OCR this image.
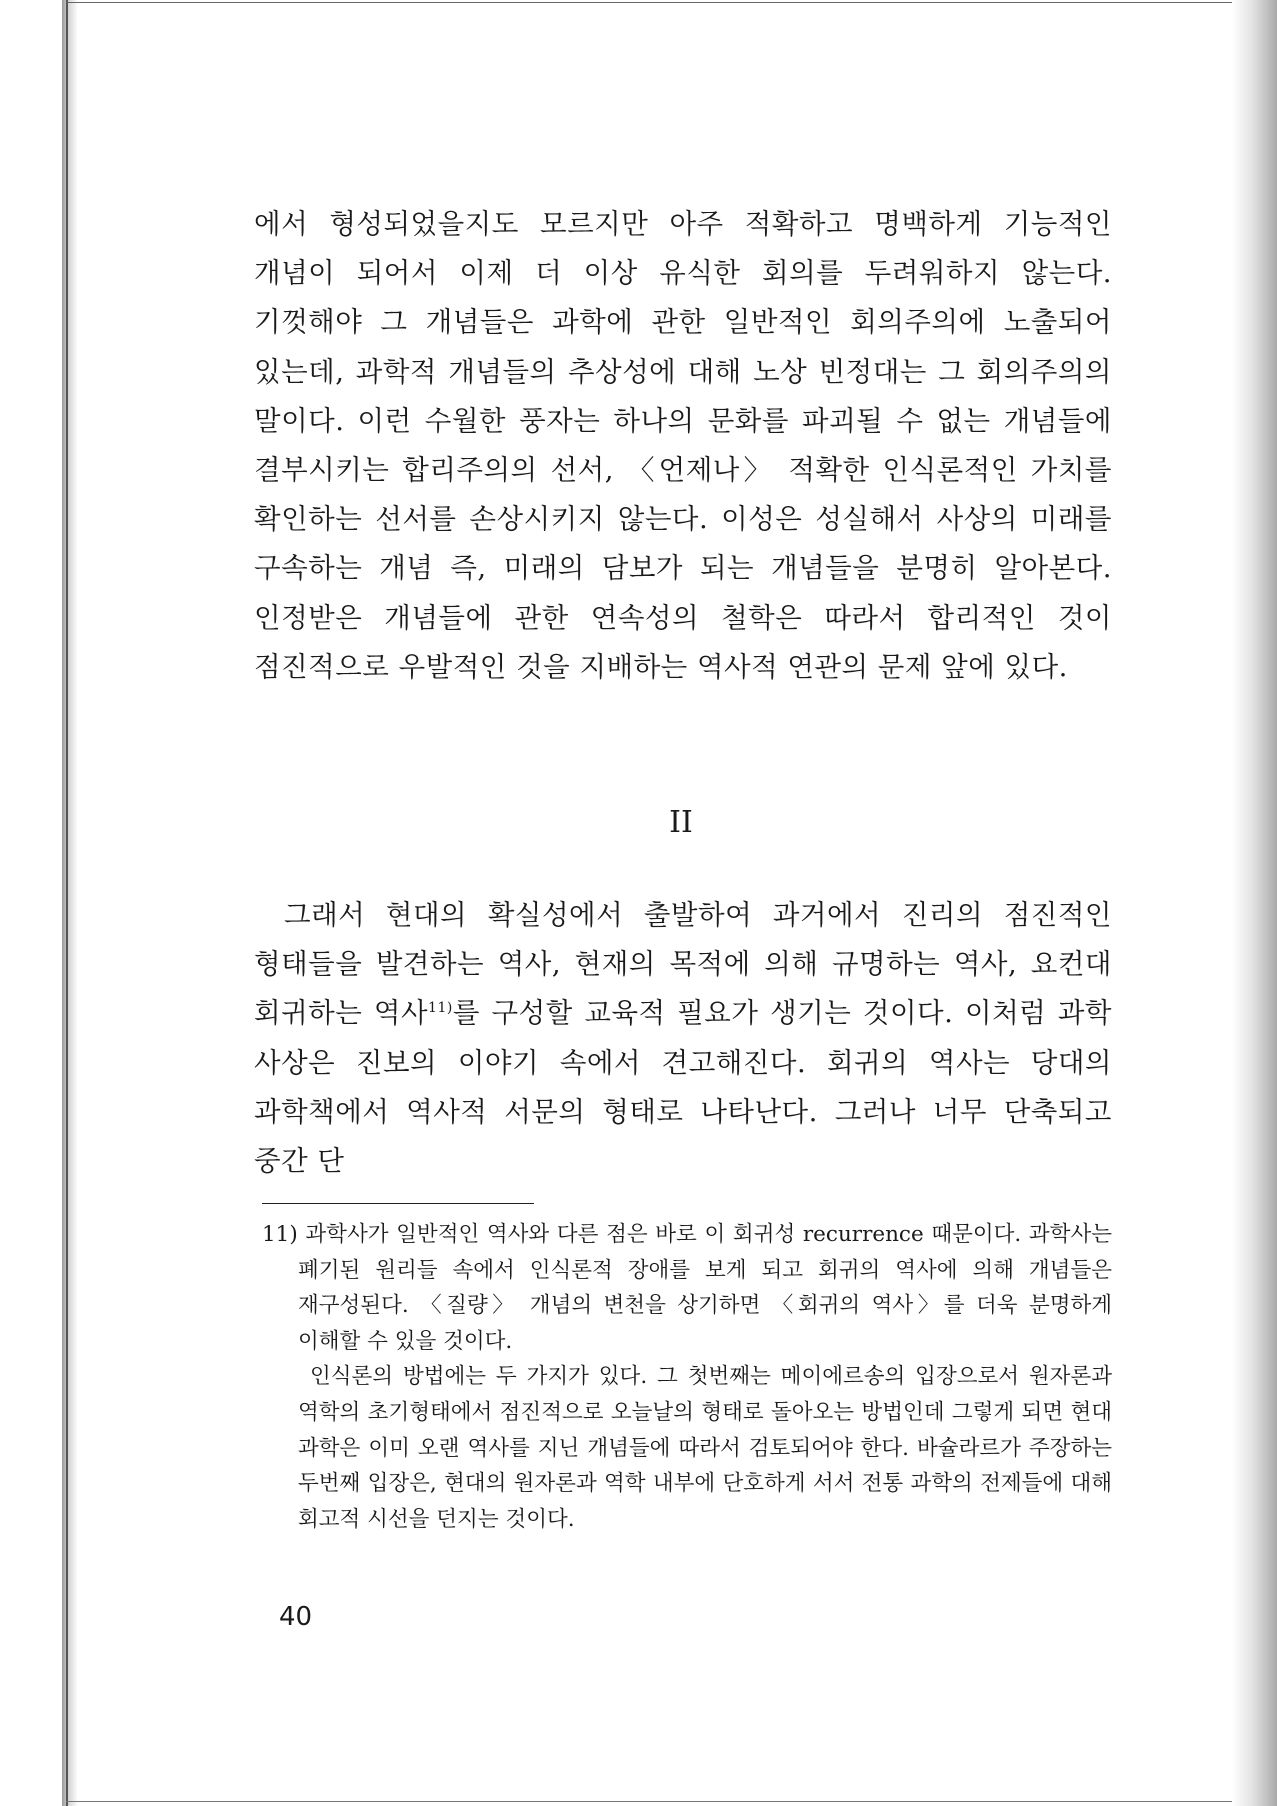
에서 형성되었을지도 모르지만 아주 적확하고 명백하게 기능적인 개념이 되어서 이제 더 이상 유식한 회의를 두려워하지 않는다. 기껏해야 그 개념들은 과학에 관한 일반적인 회의주의에 노출되어 있는데, 과학적 개념들의 추상성에 대해 노상 빈정대는 그 회의주의의 말이다. 이런 수월한 풍자는 하나의 문화를 파괴될 수 없는 개념들에 결부시키는 합리주의의 선서, 〈언제나〉 적확한 인식론적인 가치를 확인하는 선서를 손상시키지 않는다. 이성은 성실해서 사상의 미래를 구속하는 개념 즉, 미래의 담보가 되는 개념들을 분명히 알아본다. 인정받은 개념들에 관한 연속성의 철학은 따라서 합리적인 것이 점진적으로 우발적인 것을 지배하는 역사적 연관의 문제 앞에 있다.

II

그래서 현대의 확실성에서 출발하여 과거에서 진리의 점진적인 형태들을 발견하는 역사, 현재의 목적에 의해 규명하는 역사, 요컨대 회귀하는 역사$^{11)}$를 구성할 교육적 필요가 생기는 것이다. 이처럼 과학 사상은 진보의 이야기 속에서 견고해진다. 회귀의 역사는 당대의 과학책에서 역사적 서문의 형태로 나타난다. 그러나 너무 단축되고 중간 단

11) 과학사가 일반적인 역사와 다른 점은 바로 이 회귀성 recurrence 때문이다. 과학사는 폐기된 원리들 속에서 인식론적 장애를 보게 되고 회귀의 역사에 의해 개념들은 재구성된다. 〈질량〉 개념의 변천을 상기하면 〈회귀의 역사〉를 더욱 분명하게 이해할 수 있을 것이다.
인식론의 방법에는 두 가지가 있다. 그 첫번째는 메이에르송의 입장으로서 원자론과 역학의 초기형태에서 점진적으로 오늘날의 형태로 돌아오는 방법인데 그렇게 되면 현대 과학은 이미 오랜 역사를 지닌 개념들에 따라서 검토되어야 한다. 바슐라르가 주장하는 두번째 입장은, 현대의 원자론과 역학 내부에 단호하게 서서 전통 과학의 전제들에 대해 회고적 시선을 던지는 것이다.
40
